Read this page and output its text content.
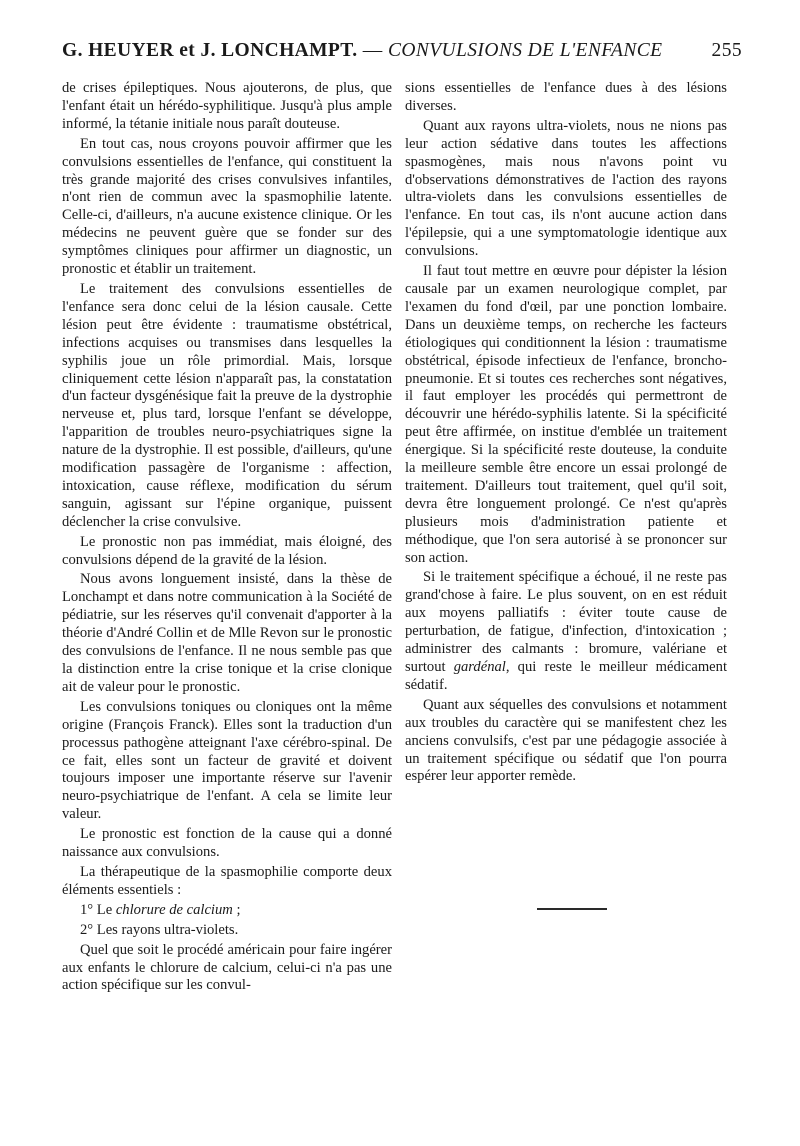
G. HEUYER et J. LONCHAMPT. — CONVULSIONS DE L'ENFANCE	255

de crises épileptiques. Nous ajouterons, de plus, que l'enfant était un hérédo-syphilitique. Jusqu'à plus ample informé, la tétanie initiale nous paraît douteuse.

En tout cas, nous croyons pouvoir affirmer que les convulsions essentielles de l'enfance, qui constituent la très grande majorité des crises convulsives infantiles, n'ont rien de commun avec la spasmophilie latente. Celle-ci, d'ailleurs, n'a aucune existence clinique. Or les médecins ne peuvent guère que se fonder sur des symptômes cliniques pour affirmer un diagnostic, un pronostic et établir un traitement.

Le traitement des convulsions essentielles de l'enfance sera donc celui de la lésion causale. Cette lésion peut être évidente : traumatisme obstétrical, infections acquises ou transmises dans lesquelles la syphilis joue un rôle primordial. Mais, lorsque cliniquement cette lésion n'apparaît pas, la constatation d'un facteur dysgénésique fait la preuve de la dystrophie nerveuse et, plus tard, lorsque l'enfant se développe, l'apparition de troubles neuro-psychiatriques signe la nature de la dystrophie. Il est possible, d'ailleurs, qu'une modification passagère de l'organisme : affection, intoxication, cause réflexe, modification du sérum sanguin, agissant sur l'épine organique, puissent déclencher la crise convulsive.

Le pronostic non pas immédiat, mais éloigné, des convulsions dépend de la gravité de la lésion.

Nous avons longuement insisté, dans la thèse de Lonchampt et dans notre communication à la Société de pédiatrie, sur les réserves qu'il convenait d'apporter à la théorie d'André Collin et de Mlle Revon sur le pronostic des convulsions de l'enfance. Il ne nous semble pas que la distinction entre la crise tonique et la crise clonique ait de valeur pour le pronostic.

Les convulsions toniques ou cloniques ont la même origine (François Franck). Elles sont la traduction d'un processus pathogène atteignant l'axe cérébro-spinal. De ce fait, elles sont un facteur de gravité et doivent toujours imposer une importante réserve sur l'avenir neuro-psychiatrique de l'enfant. A cela se limite leur valeur.

Le pronostic est fonction de la cause qui a donné naissance aux convulsions.

La thérapeutique de la spasmophilie comporte deux éléments essentiels :

1° Le chlorure de calcium ;

2° Les rayons ultra-violets.

Quel que soit le procédé américain pour faire ingérer aux enfants le chlorure de calcium, celui-ci n'a pas une action spécifique sur les convul-

sions essentielles de l'enfance dues à des lésions diverses.

Quant aux rayons ultra-violets, nous ne nions pas leur action sédative dans toutes les affections spasmogènes, mais nous n'avons point vu d'observations démonstratives de l'action des rayons ultra-violets dans les convulsions essentielles de l'enfance. En tout cas, ils n'ont aucune action dans l'épilepsie, qui a une symptomatologie identique aux convulsions.

Il faut tout mettre en œuvre pour dépister la lésion causale par un examen neurologique complet, par l'examen du fond d'œil, par une ponction lombaire. Dans un deuxième temps, on recherche les facteurs étiologiques qui conditionnent la lésion : traumatisme obstétrical, épisode infectieux de l'enfance, broncho-pneumonie. Et si toutes ces recherches sont négatives, il faut employer les procédés qui permettront de découvrir une hérédo-syphilis latente. Si la spécificité peut être affirmée, on institue d'emblée un traitement énergique. Si la spécificité reste douteuse, la conduite la meilleure semble être encore un essai prolongé de traitement. D'ailleurs tout traitement, quel qu'il soit, devra être longuement prolongé. Ce n'est qu'après plusieurs mois d'administration patiente et méthodique, que l'on sera autorisé à se prononcer sur son action.

Si le traitement spécifique a échoué, il ne reste pas grand'chose à faire. Le plus souvent, on en est réduit aux moyens palliatifs : éviter toute cause de perturbation, de fatigue, d'infection, d'intoxication ; administrer des calmants : bromure, valériane et surtout gardénal, qui reste le meilleur médicament sédatif.

Quant aux séquelles des convulsions et notamment aux troubles du caractère qui se manifestent chez les anciens convulsifs, c'est par une pédagogie associée à un traitement spécifique ou sédatif que l'on pourra espérer leur apporter remède.
